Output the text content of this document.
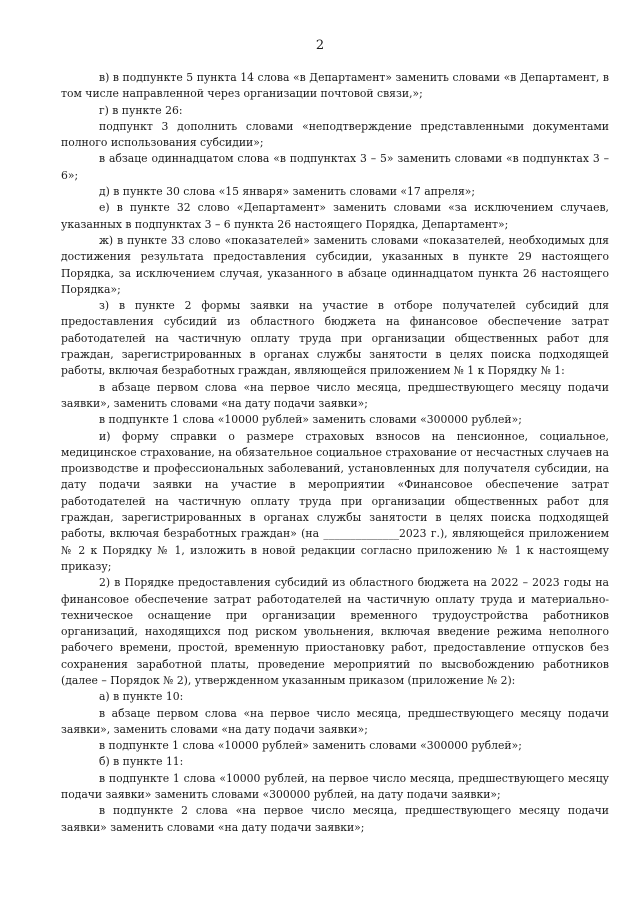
2

в) в подпункте 5 пункта 14 слова «в Департамент» заменить словами «в Департамент, в том числе направленной через организации почтовой связи,»;

г) в пункте 26:

подпункт 3 дополнить словами «неподтверждение представленными документами полного использования субсидии»;

в абзаце одиннадцатом слова «в подпунктах 3 – 5» заменить словами «в подпунктах 3 – 6»;

д) в пункте 30 слова «15 января» заменить словами «17 апреля»;

е) в пункте 32 слово «Департамент» заменить словами «за исключением случаев, указанных в подпунктах 3 – 6 пункта 26 настоящего Порядка, Департамент»;

ж) в пункте 33 слово «показателей» заменить словами «показателей, необходимых для достижения результата предоставления субсидии, указанных в пункте 29 настоящего Порядка, за исключением случая, указанного в абзаце одиннадцатом пункта 26 настоящего Порядка»;

з) в пункте 2 формы заявки на участие в отборе получателей субсидий для предоставления субсидий из областного бюджета на финансовое обеспечение затрат работодателей на частичную оплату труда при организации общественных работ для граждан, зарегистрированных в органах службы занятости в целях поиска подходящей работы, включая безработных граждан, являющейся приложением № 1 к Порядку № 1:

в абзаце первом слова «на первое число месяца, предшествующего месяцу подачи заявки», заменить словами «на дату подачи заявки»;

в подпункте 1 слова «10000 рублей» заменить словами «300000 рублей»;

и) форму справки о размере страховых взносов на пенсионное, социальное, медицинское страхование, на обязательное социальное страхование от несчастных случаев на производстве и профессиональных заболеваний, установленных для получателя субсидии, на дату подачи заявки на участие в мероприятии «Финансовое обеспечение затрат работодателей на частичную оплату труда при организации общественных работ для граждан, зарегистрированных в органах службы занятости в целях поиска подходящей работы, включая безработных граждан» (на ______________2023 г.), являющейся приложением № 2 к Порядку № 1, изложить в новой редакции согласно приложению № 1 к настоящему приказу;

2) в Порядке предоставления субсидий из областного бюджета на 2022 – 2023 годы на финансовое обеспечение затрат работодателей на частичную оплату труда и материально-техническое оснащение при организации временного трудоустройства работников организаций, находящихся под риском увольнения, включая введение режима неполного рабочего времени, простой, временную приостановку работ, предоставление отпусков без сохранения заработной платы, проведение мероприятий по высвобождению работников (далее – Порядок № 2), утвержденном указанным приказом (приложение № 2):

а) в пункте 10:

в абзаце первом слова «на первое число месяца, предшествующего месяцу подачи заявки», заменить словами «на дату подачи заявки»;

в подпункте 1 слова «10000 рублей» заменить словами «300000 рублей»;

б) в пункте 11:

в подпункте 1 слова «10000 рублей, на первое число месяца, предшествующего месяцу подачи заявки» заменить словами «300000 рублей, на дату подачи заявки»;

в подпункте 2 слова «на первое число месяца, предшествующего месяцу подачи заявки» заменить словами «на дату подачи заявки»;
